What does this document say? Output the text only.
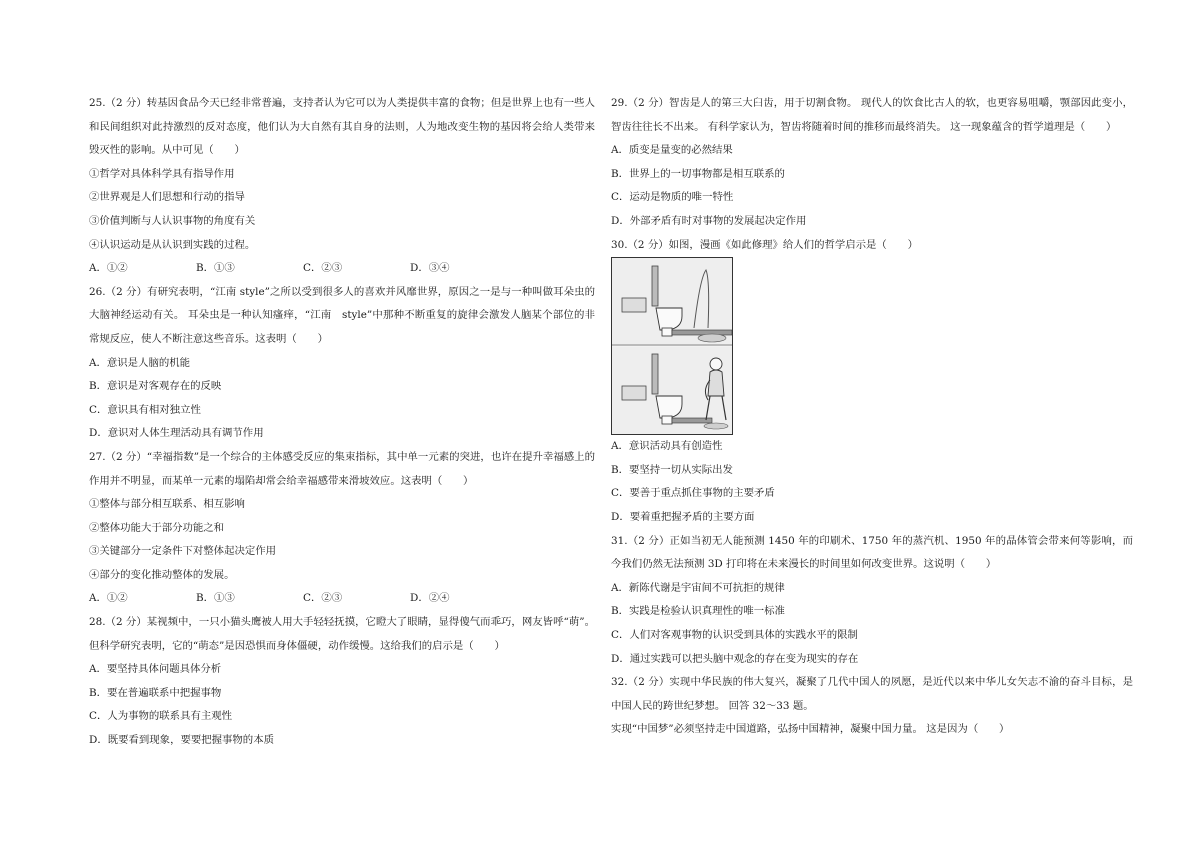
25.（2 分）转基因食品今天已经非常普遍，支持者认为它可以为人类提供丰富的食物；但是世界上也有一些人和民间组织对此持激烈的反对态度，他们认为大自然有其自身的法则，人为地改变生物的基因将会给人类带来毁灭性的影响。从中可见（　　）

①哲学对具体科学具有指导作用
②世界观是人们思想和行动的指导
③价值判断与人认识事物的角度有关
④认识运动是从认识到实践的过程。
A．①②	B．①③	C．②③	D．③④

26.（2 分）有研究表明，“江南 style”之所以受到很多人的喜欢并风靡世界，原因之一是与一种叫做耳朵虫的大脑神经运动有关。 耳朵虫是一种认知瘙痒，“江南　style”中那种不断重复的旋律会激发人脑某个部位的非常规反应，使人不断注意这些音乐。这表明（　　）

A．意识是人脑的机能
B．意识是对客观存在的反映
C．意识具有相对独立性
D．意识对人体生理活动具有调节作用

27.（2 分）“幸福指数”是一个综合的主体感受反应的集束指标，其中单一元素的突进，也许在提升幸福感上的作用并不明显，而某单一元素的塌陷却常会给幸福感带来滑坡效应。这表明（　　）

①整体与部分相互联系、相互影响
②整体功能大于部分功能之和
③关键部分一定条件下对整体起决定作用
④部分的变化推动整体的发展。
A．①②	B．①③	C．②③	D．②④

28.（2 分）某视频中，一只小猫头鹰被人用大手轻轻抚摸，它瞪大了眼睛，显得傻气而乖巧，网友皆呼“萌”。但科学研究表明，它的“萌态”是因恐惧而身体僵硬，动作缓慢。这给我们的启示是（　　）

A．要坚持具体问题具体分析
B．要在普遍联系中把握事物
C．人为事物的联系具有主观性
D．既要看到现象，要要把握事物的本质

29.（2 分）智齿是人的第三大臼齿，用于切割食物。 现代人的饮食比古人的软，也更容易咀嚼，颚部因此变小，智齿往往长不出来。 有科学家认为，智齿将随着时间的推移而最终消失。 这一现象蕴含的哲学道理是（　　）

A．质变是量变的必然结果
B．世界上的一切事物都是相互联系的
C．运动是物质的唯一特性
D．外部矛盾有时对事物的发展起决定作用

30.（2 分）如图，漫画《如此修理》给人们的哲学启示是（　　）

A．意识活动具有创造性
B．要坚持一切从实际出发
C．要善于重点抓住事物的主要矛盾
D．要着重把握矛盾的主要方面

31.（2 分）正如当初无人能预测 1450 年的印刷术、1750 年的蒸汽机、1950 年的晶体管会带来何等影响，而今我们仍然无法预测 3D 打印将在未来漫长的时间里如何改变世界。这说明（　　）

A．新陈代谢是宇宙间不可抗拒的规律
B．实践是检验认识真理性的唯一标准
C．人们对客观事物的认识受到具体的实践水平的限制
D．通过实践可以把头脑中观念的存在变为现实的存在

32.（2 分）实现中华民族的伟大复兴，凝聚了几代中国人的夙愿，是近代以来中华儿女矢志不渝的奋斗目标，是中国人民的跨世纪梦想。 回答 32～33 题。

实现“中国梦”必须坚持走中国道路，弘扬中国精神，凝聚中国力量。 这是因为（　　）
